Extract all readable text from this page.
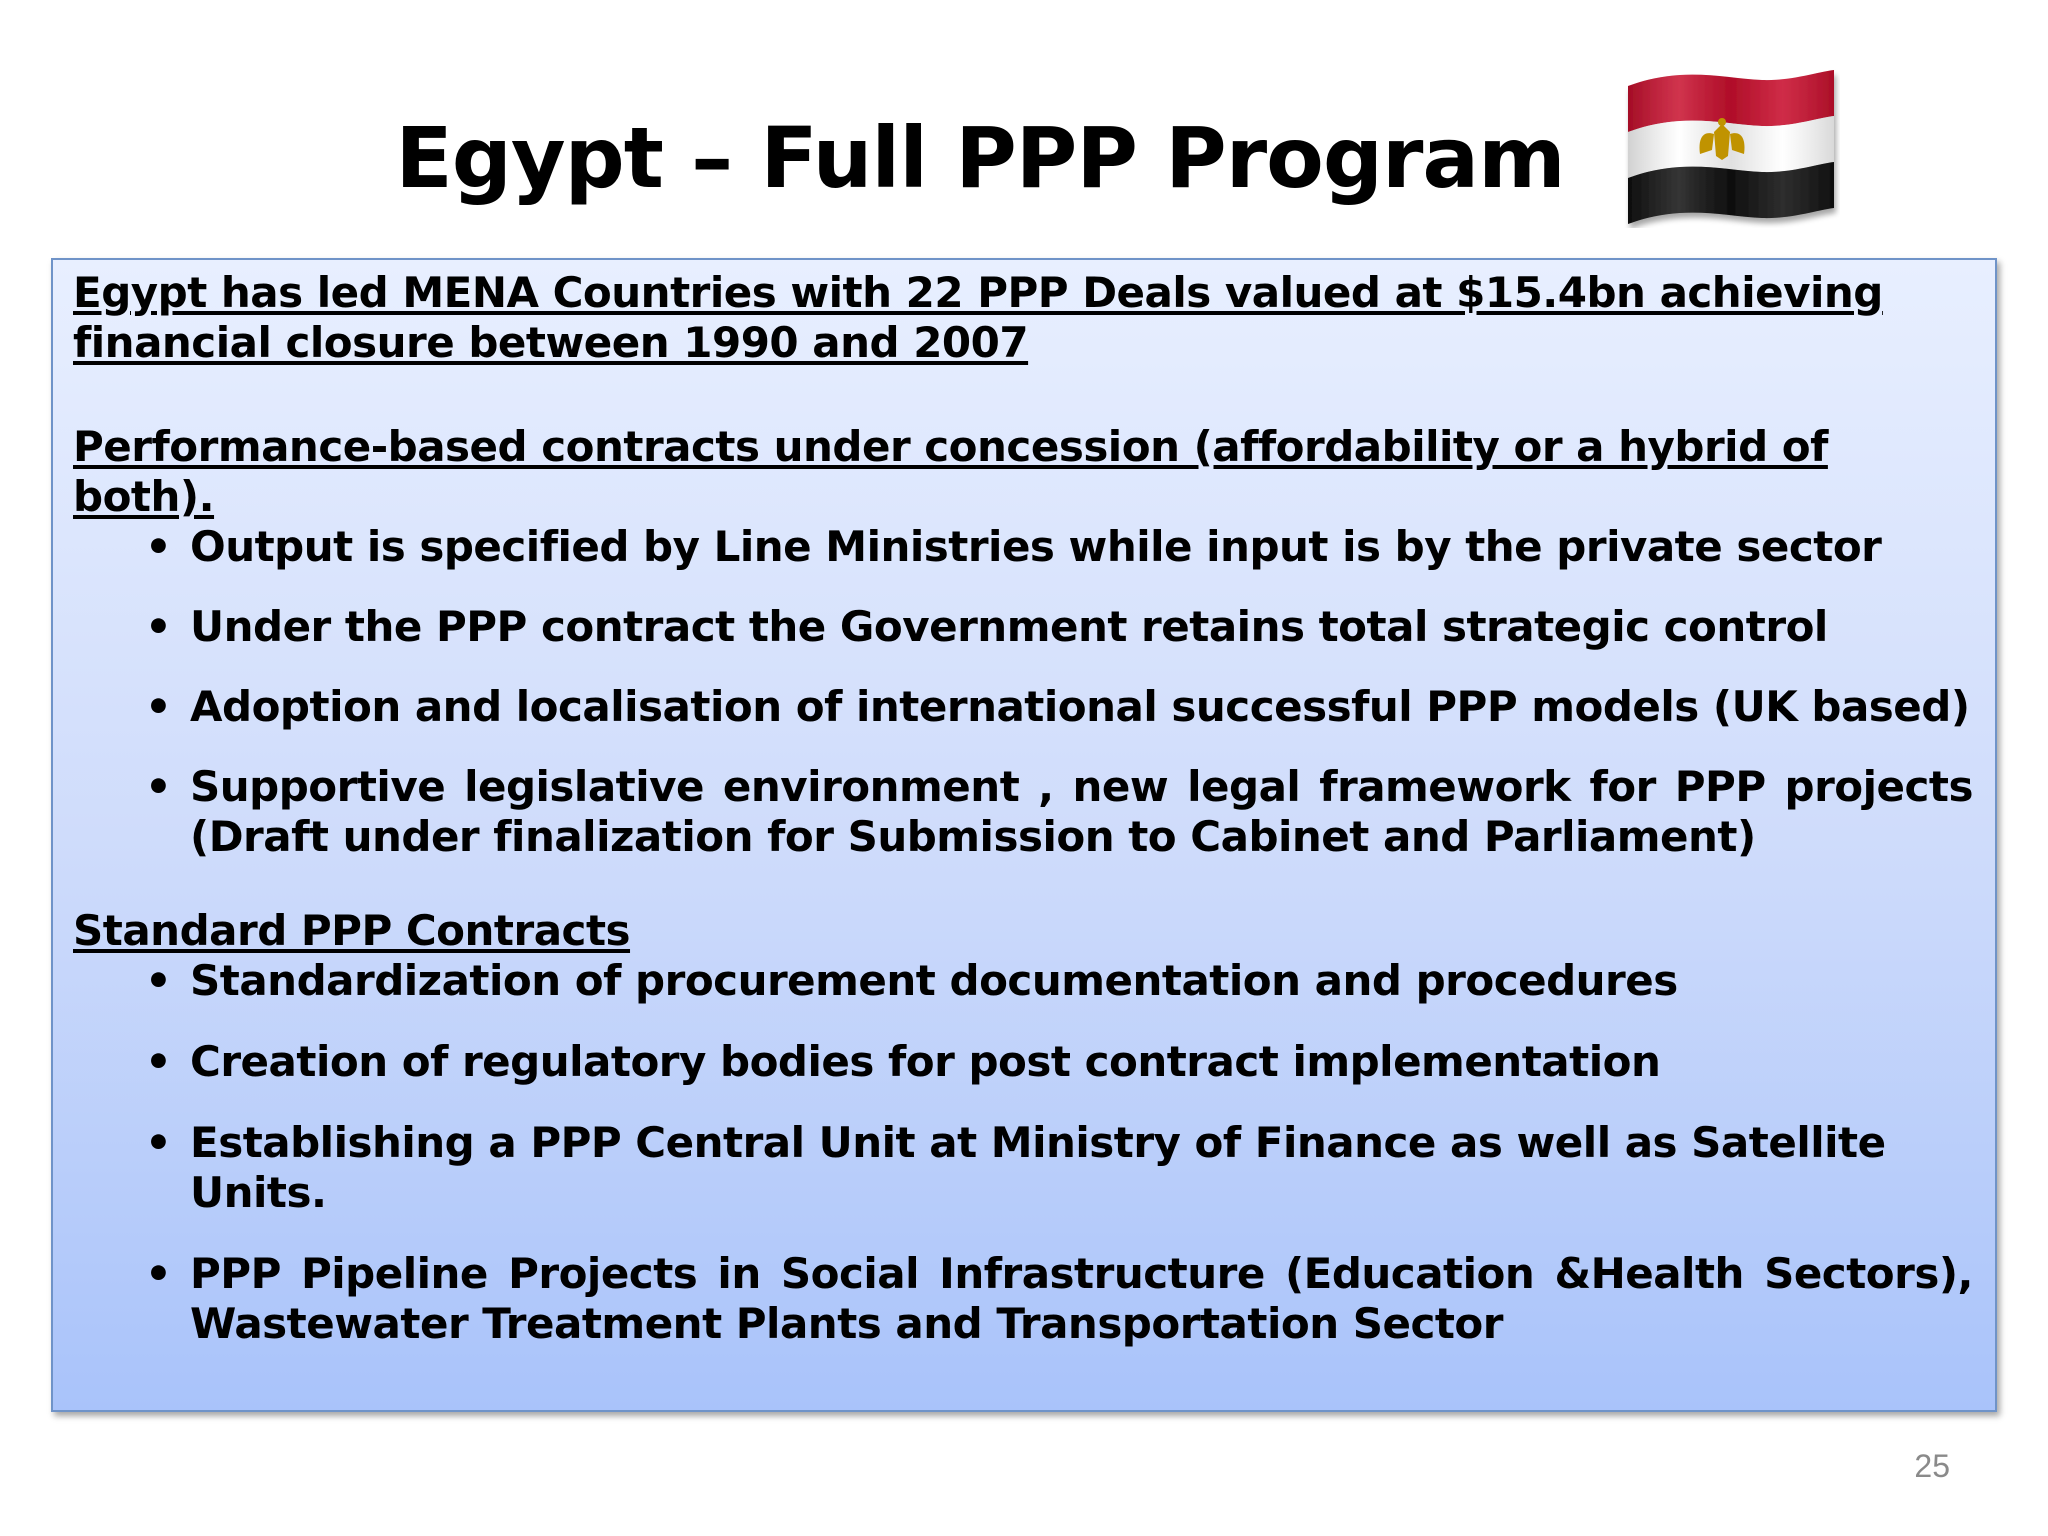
Egypt – Full PPP Program

Egypt has led MENA Countries with 22 PPP Deals valued at $15.4bn achieving financial closure between 1990 and 2007

Performance-based contracts under concession (affordability or a hybrid of both).

• Output is specified by Line Ministries while input is by the private sector
• Under the PPP contract the Government retains total strategic control
• Adoption and localisation of international successful PPP models (UK based)
• Supportive legislative environment , new legal framework for PPP projects (Draft under finalization for Submission to Cabinet and Parliament)

Standard PPP Contracts

• Standardization of procurement documentation and procedures
• Creation of regulatory bodies for post contract implementation
• Establishing a PPP Central Unit at Ministry of Finance as well as Satellite Units.
• PPP Pipeline Projects in Social Infrastructure (Education &Health Sectors), Wastewater Treatment Plants and Transportation Sector
25
